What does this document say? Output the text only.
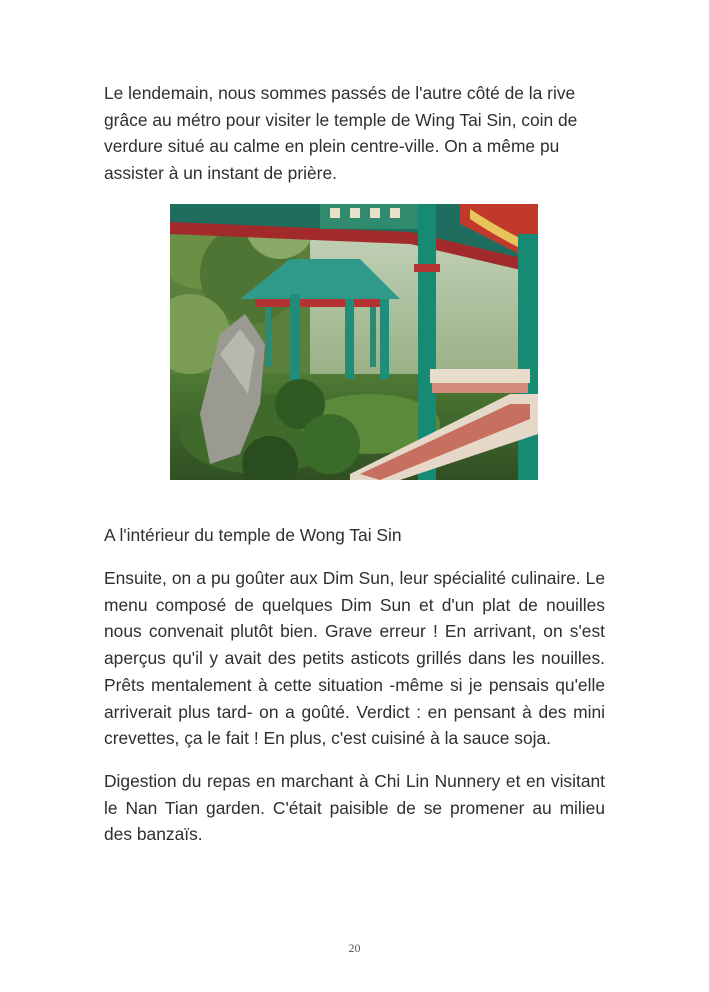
Le lendemain, nous sommes passés de l'autre côté de la rive grâce au métro pour visiter le temple de Wing Tai Sin, coin de verdure situé au calme en plein centre-ville. On a même pu assister à un instant de prière.

A l'intérieur du temple de Wong Tai Sin

Ensuite, on a pu goûter aux Dim Sun, leur spécialité culinaire. Le menu composé de quelques Dim Sun et d'un plat de nouilles nous convenait plutôt bien. Grave erreur ! En arrivant, on s'est aperçus qu'il y avait des petits asticots grillés dans les nouilles. Prêts mentalement à cette situation -même si je pensais qu'elle arriverait plus tard- on a goûté. Verdict : en pensant à des mini crevettes, ça le fait ! En plus, c'est cuisiné à la sauce soja.

Digestion du repas en marchant à Chi Lin Nunnery et en visitant le Nan Tian garden. C'était paisible de se promener au milieu des banzaïs.

20
